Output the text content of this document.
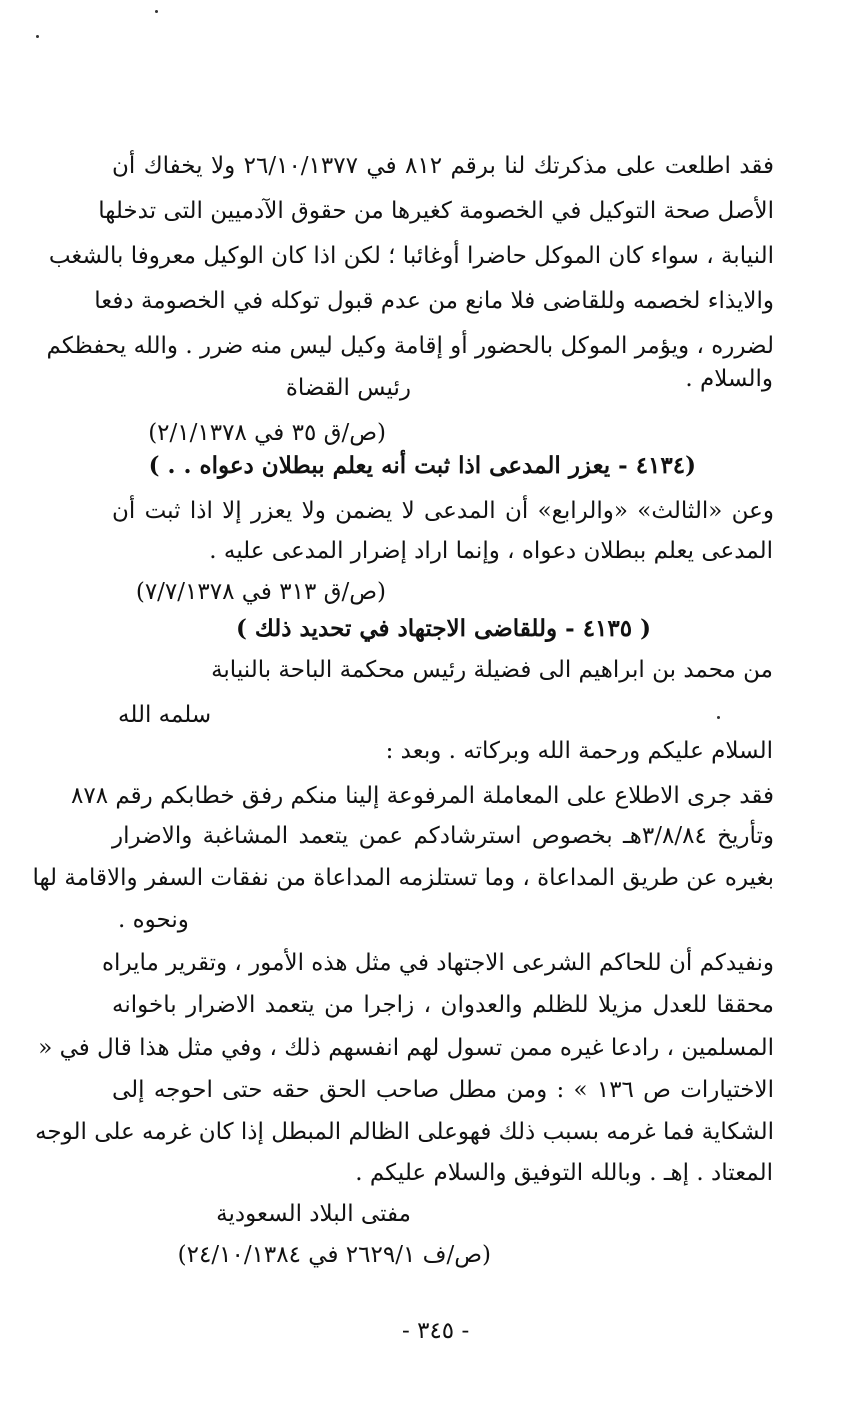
فقد اطلعت على مذكرتك لنا برقم ٨١٢ في ٢٦/١٠/١٣٧٧ ولا يخفاك أن
الأصل صحة التوكيل في الخصومة كغيرها من حقوق الآدميين التى تدخلها
النيابة ، سواء كان الموكل حاضرا أوغائبا ؛ لكن اذا كان الوكيل معروفا بالشغب
والايذاء لخصمه وللقاضى فلا مانع من عدم قبول توكله في الخصومة دفعا
لضرره ، ويؤمر الموكل بالحضور أو إقامة وكيل ليس منه ضرر . والله يحفظكم
والسلام .
رئيس القضاة
(ص/ق ٣٥ في ٢/١/١٣٧٨)
(٤١٣٤ - يعزر المدعى اذا ثبت أنه يعلم ببطلان دعواه . . )
وعن «الثالث» «والرابع» أن المدعى لا يضمن ولا يعزر إلا اذا ثبت أن
المدعى يعلم ببطلان دعواه ، وإنما اراد إضرار المدعى عليه .
(ص/ق ٣١٣ في ٧/٧/١٣٧٨)
( ٤١٣٥ - وللقاضى الاجتهاد في تحديد ذلك )
من محمد بن ابراهيم الى فضيلة رئيس محكمة الباحة بالنيابة
سلمه الله
السلام عليكم ورحمة الله وبركاته . وبعد :
فقد جرى الاطلاع على المعاملة المرفوعة إلينا منكم رفق خطابكم رقم ٨٧٨
وتأريخ ٣/٨/٨٤هـ بخصوص استرشادكم عمن يتعمد المشاغبة والاضرار
بغيره عن طريق المداعاة ، وما تستلزمه المداعاة من نفقات السفر والاقامة لها
ونحوه .
ونفيدكم أن للحاكم الشرعى الاجتهاد في مثل هذه الأمور ، وتقرير مايراه
محققا للعدل مزيلا للظلم والعدوان ، زاجرا من يتعمد الاضرار باخوانه
المسلمين ، رادعا غيره ممن تسول لهم انفسهم ذلك ، وفي مثل هذا قال في «
الاختيارات ص ١٣٦ » : ومن مطل صاحب الحق حقه حتى احوجه إلى
الشكاية فما غرمه بسبب ذلك فهوعلى الظالم المبطل إذا كان غرمه على الوجه
المعتاد . إهـ . وبالله التوفيق والسلام عليكم .
مفتى البلاد السعودية
(ص/ف ٢٦٢٩/١ في ٢٤/١٠/١٣٨٤)
- ٣٤٥ -
